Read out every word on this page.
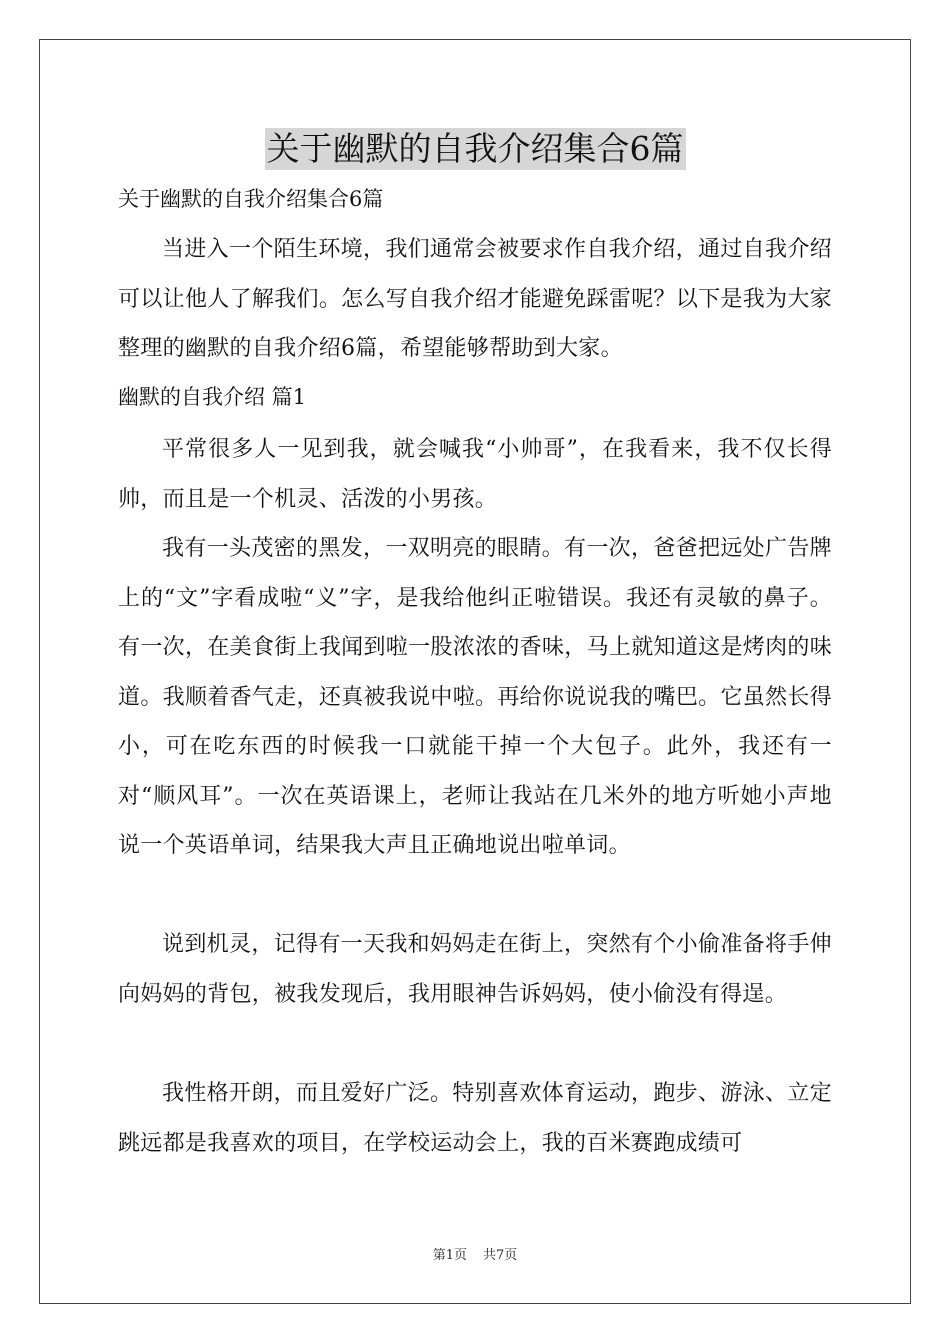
关于幽默的自我介绍集合6篇
关于幽默的自我介绍集合6篇

当进入一个陌生环境，我们通常会被要求作自我介绍，通过自我介绍可以让他人了解我们。怎么写自我介绍才能避免踩雷呢？以下是我为大家整理的幽默的自我介绍6篇，希望能够帮助到大家。

幽默的自我介绍 篇1

平常很多人一见到我，就会喊我“小帅哥”，在我看来，我不仅长得帅，而且是一个机灵、活泼的小男孩。

我有一头茂密的黑发，一双明亮的眼睛。有一次，爸爸把远处广告牌上的“文”字看成啦“义”字，是我给他纠正啦错误。我还有灵敏的鼻子。有一次，在美食街上我闻到啦一股浓浓的香味，马上就知道这是烤肉的味道。我顺着香气走，还真被我说中啦。再给你说说我的嘴巴。它虽然长得小，可在吃东西的时候我一口就能干掉一个大包子。此外，我还有一对“顺风耳”。一次在英语课上，老师让我站在几米外的地方听她小声地说一个英语单词，结果我大声且正确地说出啦单词。

说到机灵，记得有一天我和妈妈走在街上，突然有个小偷准备将手伸向妈妈的背包，被我发现后，我用眼神告诉妈妈，使小偷没有得逞。

我性格开朗，而且爱好广泛。特别喜欢体育运动，跑步、游泳、立定跳远都是我喜欢的项目，在学校运动会上，我的百米赛跑成绩可

第1页 共7页
